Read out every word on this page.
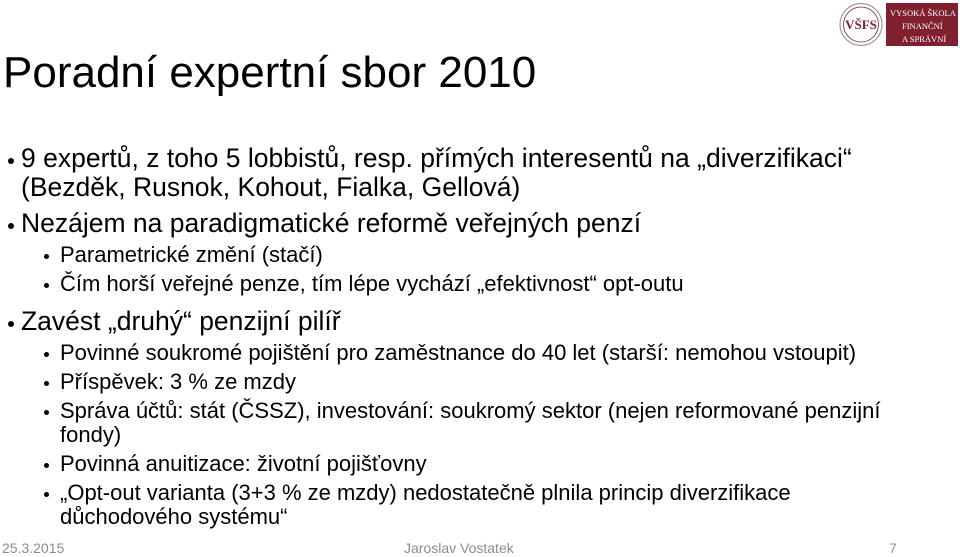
Poradní expertní sbor 2010
VŠFS
VYSOKÁ ŠKOLA
FINANČNÍ
A SPRÁVNÍ
9 expertů, z toho 5 lobbistů, resp. přímých interesentů na „diverzifikaci“
(Bezděk, Rusnok, Kohout, Fialka, Gellová)
Nezájem na paradigmatické reformě veřejných penzí
Parametrické změní (stačí)
Čím horší veřejné penze, tím lépe vychází „efektivnost“ opt-outu
Zavést „druhý“ penzijní pilíř
Povinné soukromé pojištění pro zaměstnance do 40 let (starší: nemohou vstoupit)
Příspěvek: 3 % ze mzdy
Správa účtů: stát (ČSSZ), investování: soukromý sektor (nejen reformované penzijní
fondy)
Povinná anuitizace: životní pojišťovny
„Opt-out varianta (3+3 % ze mzdy) nedostatečně plnila princip diverzifikace
důchodového systému“
25.3.2015	Jaroslav Vostatek	7
